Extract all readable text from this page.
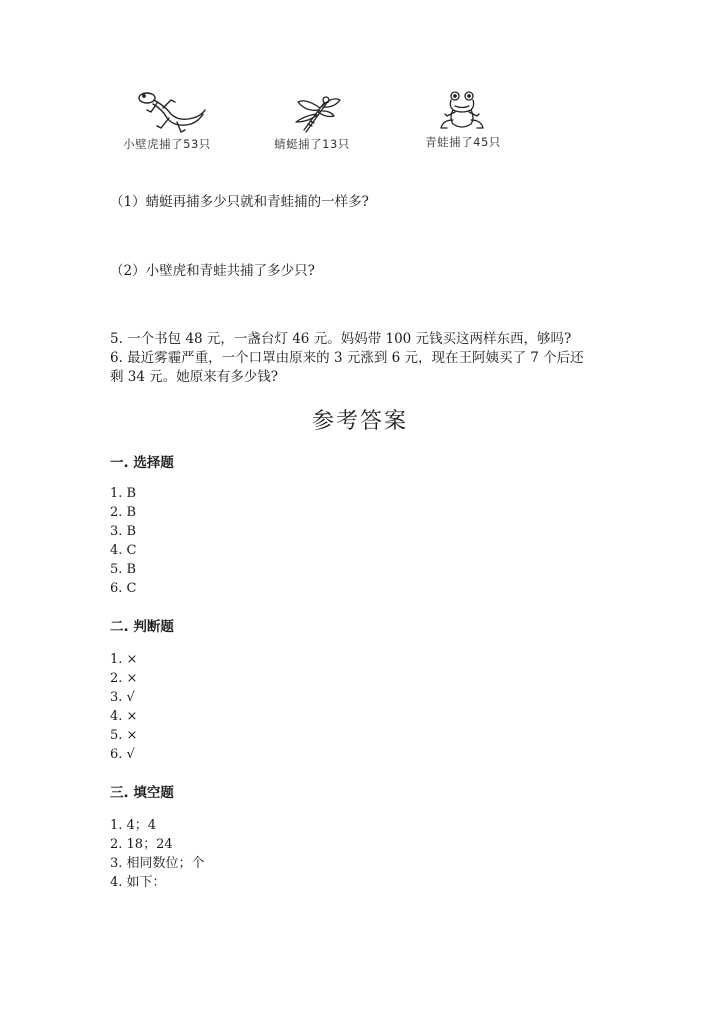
小壁虎捕了53只	蜻蜓捕了13只	青蛙捕了45只
（1）蜻蜓再捕多少只就和青蛙捕的一样多?
（2）小壁虎和青蛙共捕了多少只?
5. 一个书包 48 元，一盏台灯 46 元。妈妈带 100 元钱买这两样东西，够吗?
6. 最近雾霾严重，一个口罩由原来的 3 元涨到 6 元，现在王阿姨买了 7 个后还
剩 34 元。她原来有多少钱?
参考答案
一. 选择题
1. B
2. B
3. B
4. C
5. B
6. C
二. 判断题
1. ×
2. ×
3. √
4. ×
5. ×
6. √
三. 填空题
1. 4；4
2. 18；24
3. 相同数位；个
4. 如下：
